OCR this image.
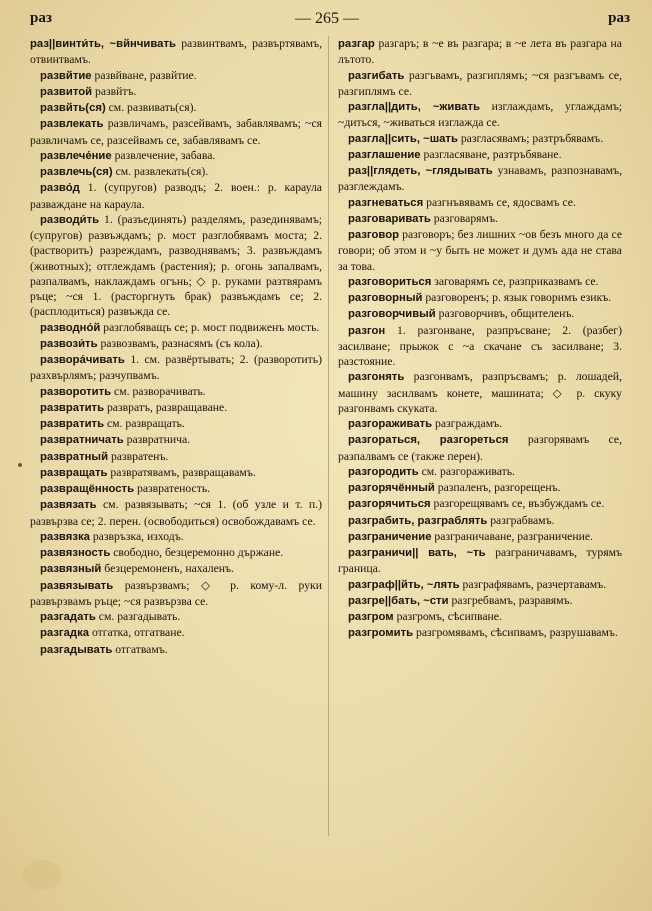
раз	— 265 —	раз

раз||винти́ть, ~вйнчивать развинтвамъ, развъртявамъ, отвинтвамъ.

развйтие развйване, развйтие.

развитой развйтъ.

развйть(ся) см. развивать(ся).

развлекать развличамъ, разсейвамъ, забавлявамъ; ~ся развличамъ се, разсейвамъ се, забавлявамъ се.

развлече́ние развлечение, забава.

развлечь(ся) см. развлекать(ся).

разво́д 1. (супругов) разводъ; 2. воен.: р. караула разваждане на караула.

разводи́ть 1. (разъединять) разделямъ, разединявамъ; (супругов) развъждамъ; р. мост разглобявамъ моста; 2. (растворить) разреждамъ, разводнявамъ; 3. развъждамъ (животных); отглеждамъ (растения); р. огонь запалвамъ, разпалвамъ, наклаждамъ огънь; ◇ р. руками разтвярамъ ръце; ~ся 1. (расторгнуть брак) развъждамъ се; 2. (расплодиться) развъжда се.

разводно́й разглобяващъ се; р. мост подвиженъ мость.

развози́ть развозвамъ, разнасямъ (съ кола).

развора́чивать 1. см. развёртывать; 2. (разворотить) разхвърлямъ; разчупвамъ.

разворотить см. разворачивать.

развратить развратъ, развращаване.

развратить см. развращать.

развратничать развратнича.

развратный развратенъ.

развращать развратявамъ, развращавамъ.

развращённость развратеность.

развязать см. развязывать; ~ся 1. (об узле и т. п.) развързва се; 2. перен. (освободиться) освобождавамъ се.

развязка развръзка, изходъ.

развязность свободно, безцеремонно държане.

развязный безцеремоненъ, нахаленъ.

развязывать развързвамъ; ◇ р. кому-л. руки развързвамъ ръце; ~ся развързва се.

разгадать см. разгадывать.

разгадка отгатка, отгатване.

разгадывать отгатвамъ.

разгар разгаръ; в ~е въ разгара; в ~е лета въ разгара на лътото.

разгибать разгъвамъ, разгиплямъ; ~ся разгъвамъ се, разгиплямъ се.

разгла||дить, ~живать изглаждамъ, углаждамъ; ~диться, ~живаться изглажда се.

разгла||сить, ~шать разгласявамъ; разтръбявамъ.

разглашение разгласяване, разтръбяване.

раз||глядеть, ~глядывать узнавамъ, разпознавамъ, разглеждамъ.

разгневаться разгнъвявамъ се, ядосвамъ се.

разговаривать разговарямъ.

разговор разговоръ; без лишних ~ов безъ много да се говори; об этом и ~у быть не может и думъ ада не става за това.

разговориться заговарямъ се, разприказвамъ се.

разговорный разговоренъ; р. язык говоримъ езикъ.

разговорчивый разговорчивъ, общителенъ.

разгон 1. разгонване, разпръсване; 2. (разбег) засилване; прыжок с ~а скачане съ засилване; 3. разстояние.

разгонять разгонвамъ, разпръсвамъ; р. лошадей, машину засилвамъ конете, машината; ◇ р. скуку разгонвамъ скуката.

разгораживать разграждамъ.

разгораться, разгореться разгорявамъ се, разпалвамъ се (также перен).

разгородить см. разгораживать.

разгорячённый разпаленъ, разгорещенъ.

разгорячиться разгорещявамъ се, възбуждамъ се.

разграбить, разграблять разграбвамъ.

разграничение разграничаване, разграничение.

разграничи|| вать, ~ть разграничавамъ, турямъ граница.

разграф||йть, ~лять разграфявамъ, разчертавамъ.

разгре||бать, ~сти разгребвамъ, разравямъ.

разгром разгромъ, сѣсипване.

разгромить разгромявамъ, сѣсипвамъ, разрушавамъ.
